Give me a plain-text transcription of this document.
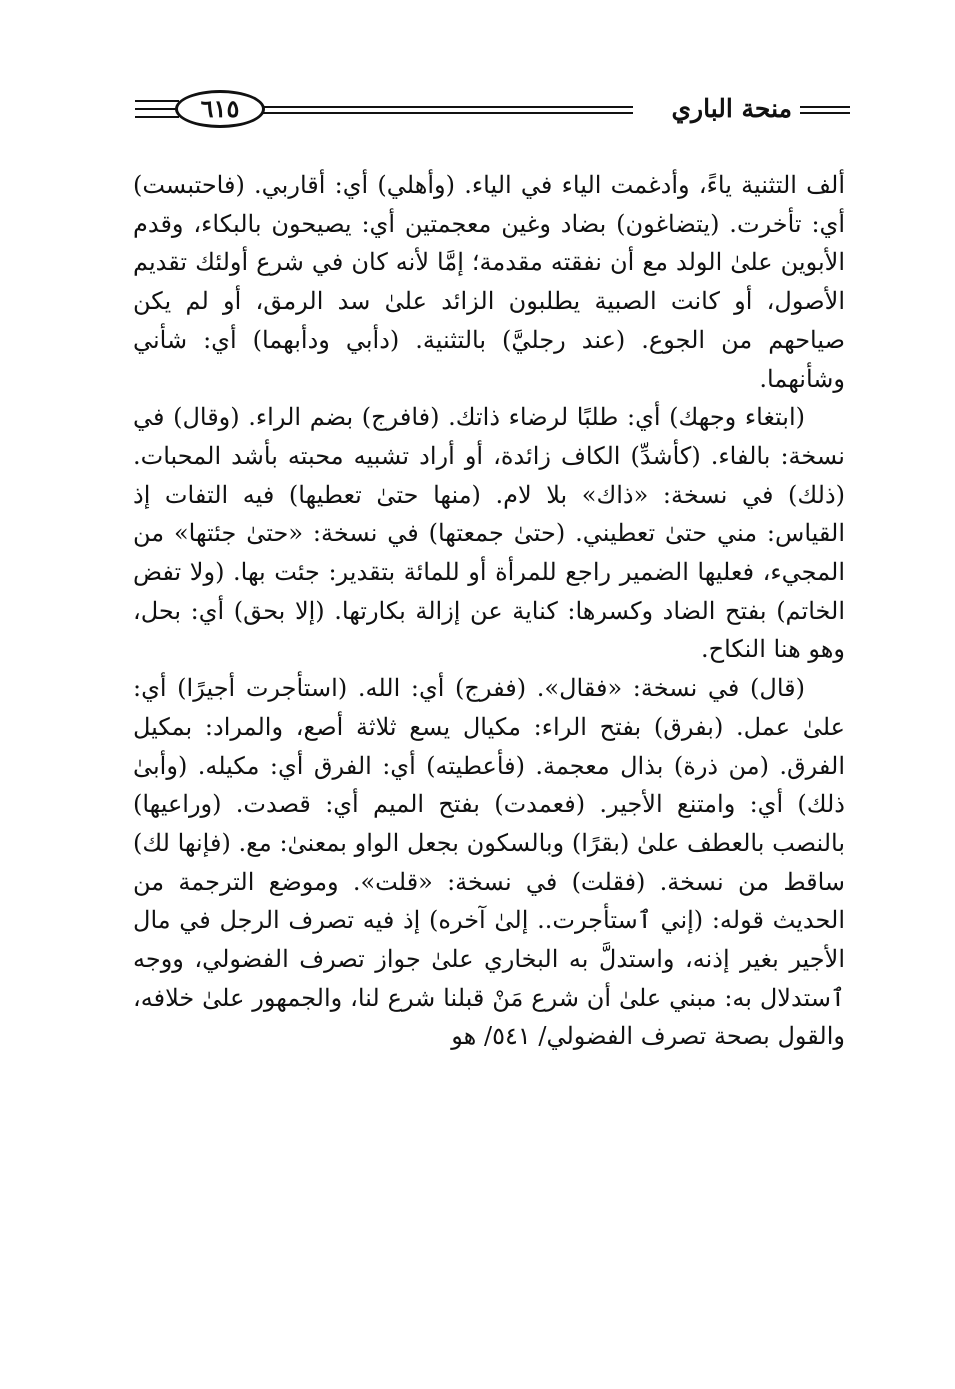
منحة الباري
٦١٥

ألف التثنية ياءً، وأدغمت الياء في الياء. (وأهلي) أي: أقاربي. (فاحتبست) أي: تأخرت. (يتضاغون) بضاد وغين معجمتين أي: يصيحون بالبكاء، وقدم الأبوين علىٰ الولد مع أن نفقته مقدمة؛ إمَّا لأنه كان في شرع أولئك تقديم الأصول، أو كانت الصبية يطلبون الزائد علىٰ سد الرمق، أو لم يكن صياحهم من الجوع. (عند رجليَّ) بالتثنية. (دأبي ودأبهما) أي: شأني وشأنهما.

(ابتغاء وجهك) أي: طلبًا لرضاء ذاتك. (فافرج) بضم الراء. (وقال) في نسخة: بالفاء. (كأشدِّ) الكاف زائدة، أو أراد تشبيه محبته بأشد المحبات. (ذلك) في نسخة: «ذاك» بلا لام. (منها حتىٰ تعطيها) فيه التفات إذ القياس: مني حتىٰ تعطيني. (حتىٰ جمعتها) في نسخة: «حتىٰ جئتها» من المجيء، فعليها الضمير راجع للمرأة أو للمائة بتقدير: جئت بها. (ولا تفض الخاتم) بفتح الضاد وكسرها: كناية عن إزالة بكارتها. (إلا بحق) أي: بحل، وهو هنا النكاح.

(قال) في نسخة: «فقال». (ففرج) أي: الله. (استأجرت أجيرًا) أي: علىٰ عمل. (بفرق) بفتح الراء: مكيال يسع ثلاثة أصع، والمراد: بمكيل الفرق. (من ذرة) بذال معجمة. (فأعطيته) أي: الفرق أي: مكيله. (وأبىٰ ذلك) أي: وامتنع الأجير. (فعمدت) بفتح الميم أي: قصدت. (وراعيها) بالنصب بالعطف علىٰ (بقرًا) وبالسكون بجعل الواو بمعنىٰ: مع. (فإنها لك) ساقط من نسخة. (فقلت) في نسخة: «قلت». وموضع الترجمة من الحديث قوله: (إني ٱستأجرت.. إلىٰ آخره) إذ فيه تصرف الرجل في مال الأجير بغير إذنه، واستدلَّ به البخاري علىٰ جواز تصرف الفضولي، ووجه ٱستدلال به: مبني علىٰ أن شرع مَنْ قبلنا شرع لنا، والجمهور علىٰ خلافه، والقول بصحة تصرف الفضولي/ ٥٤١/ هو
